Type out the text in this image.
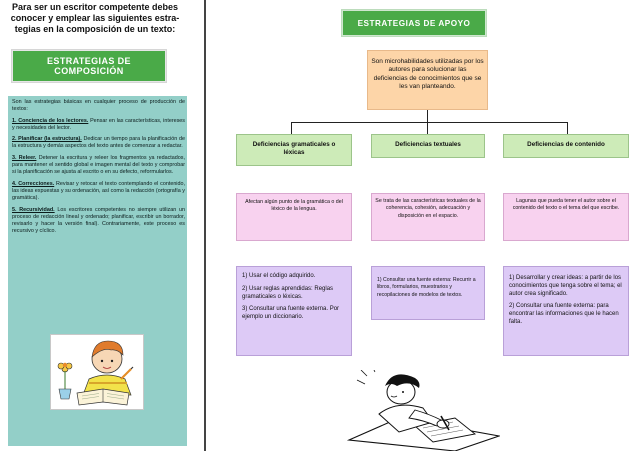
Para ser un escritor competente debes
conocer y emplear las siguientes estra-
tegias en la composición de un texto:
ESTRATEGIAS DE
COMPOSICIÓN

Son las estrategias básicas en cualquier proceso de producción de textos:

1. Conciencia de los lectores. Pensar en las características, intereses y necesidades del lector.

2. Planificar (la estructura). Dedicar un tiempo para la planificación de la estructura y demás aspectos del texto antes de comenzar a redactar.

3. Releer. Detener la escritura y releer los fragmentos ya redactados, para mantener el sentido global e imagen mental del texto y comprobar si la planificación se ajusta al escrito o en su defecto, reformularlos.

4. Correcciones. Revisar y retocar el texto contemplando el contenido, las ideas expuestas y su ordenación, así como la redacción (ortografía y gramática).

5. Recursividad. Los escritores competentes no siempre utilizan un proceso de redacción lineal y ordenado; planificar, escribir un borrador, revisarlo y hacer la versión final). Contrariamente, este proceso es recursivo y cíclico.

ESTRATEGIAS DE APOYO
Son microhabilidades utilizadas por los autores para solucionar las deficiencias de conocimientos que se les van planteando.
Deficiencias gramaticales o léxicas
Deficiencias textuales	Deficiencias de contenido
Afectan algún punto de la gramática o del léxico de la lengua.
Se trata de las características textuales de la coherencia, cohesión, adecuación y disposición en el espacio.
Lagunas que pueda tener el autor sobre el contenido del texto o el tema del que escribe.

1) Usar el código adquirido.

2) Usar reglas aprendidas: Reglas gramaticales o léxicas.

3) Consultar una fuente externa. Por ejemplo un diccionario.

1) Consultar una fuente externa: Recurrir a libros, formularios, muestrarios y recopilaciones de modelos de textos.

1) Desarrollar y crear ideas: a partir de los conocimientos que tenga sobre el tema; el autor crea significado.

2) Consultar una fuente externa: para encontrar las informaciones que le hacen falta.
